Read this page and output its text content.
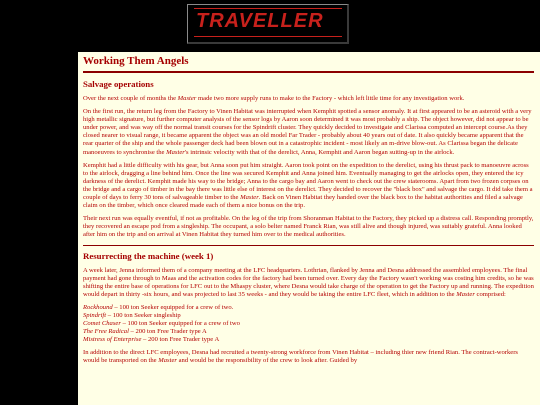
TRAVELLER
Working Them Angels
Salvage operations

Over the next couple of months the Master made two more supply runs to make to the Factory - which left little time for any investigation work.

On the first run, the return leg from the Factory to Vinen Habitat was interrupted when Kemphit spotted a sensor anomaly. It at first appeared to be an asteroid with a very high metallic signature, but further computer analysis of the sensor logs by Aaron soon determined it was most probably a ship. The object however, did not appear to be under power, and was way off the normal transit courses for the Spindrift cluster. They quickly decided to investigate and Clarissa computed an intercept course.As they closed nearer to visual range, it became apparent the object was an old model Far Trader - probably about 40 years out of date. It also quickly became apparent that the rear quarter of the ship and the whole passenger deck had been blown out in a catastrophic incident - most likely an m-drive blow-out. As Clarissa began the delicate manoeuvres to synchronise the Master's intrinsic velocity with that of the derelict, Anna, Kemphit and Aaron began suiting-up in the airlock.

Kemphit had a little difficulty with his gear, but Anna soon put him straight. Aaron took point on the expedition to the derelict, using his thrust pack to manoeuvre across to the airlock, dragging a line behind him. Once the line was secured Kemphit and Anna joined him. Eventually managing to get the airlocks open, they entered the icy darkness of the derelict. Kemphit made his way to the bridge; Anna to the cargo bay and Aaron went to check out the crew staterooms. Apart from two frozen corpses on the bridge and a cargo of timber in the bay there was little else of interest on the derelict. They decided to recover the "black box" and salvage the cargo. It did take them a couple of days to ferry 30 tons of salvageable timber to the Master. Back on Vinen Habitat they handed over the black box to the habitat authorities and filed a salvage claim on the timber, which once cleared made each of them a nice bonus on the trip.

Their next run was equally eventful, if not as profitable. On the leg of the trip from Shoranman Habitat to the Factory, they picked up a distress call. Responding promptly, they recovered an escape pod from a singleship. The occupant, a solo belter named Franck Rian, was still alive and though injured, was suitably grateful. Anna looked after him on the trip and on arrival at Vinen Habitat they turned him over to the medical authorities.

Resurrecting the machine (week 1)

A week later, Jenna informed them of a company meeting at the LFC headquarters. Lothrian, flanked by Jenna and Desna addressed the assembled employees. The final payment had gone through to Maas and the activation codes for the factory had been turned over. Every day the Factory wasn't working was costing him credits, so he was shifting the entire base of operations for LFC out to the Mhaspy cluster, where Desna would take charge of the operation to get the Factory up and running. The expedition would depart in thirty -six hours, and was projected to last 35 weeks - and they would be taking the entire LFC fleet, which in addition to the Master comprised:

Rockhound – 100 ton Seeker equipped for a crew of two.
Spindrift – 100 ton Seeker singleship
Comet Chaser – 100 ton Seeker equipped for a crew of two
The Free Radical – 200 ton Free Trader type A
Mistress of Enterprise – 200 ton Free Trader type A

In addition to the direct LFC employees, Desna had recruited a twenty-strong workforce from Vinen Habitat – including thier new friend Rian. The contract-workers would be transported on the Master and would be the responsibility of the crew to look after. Guided by
